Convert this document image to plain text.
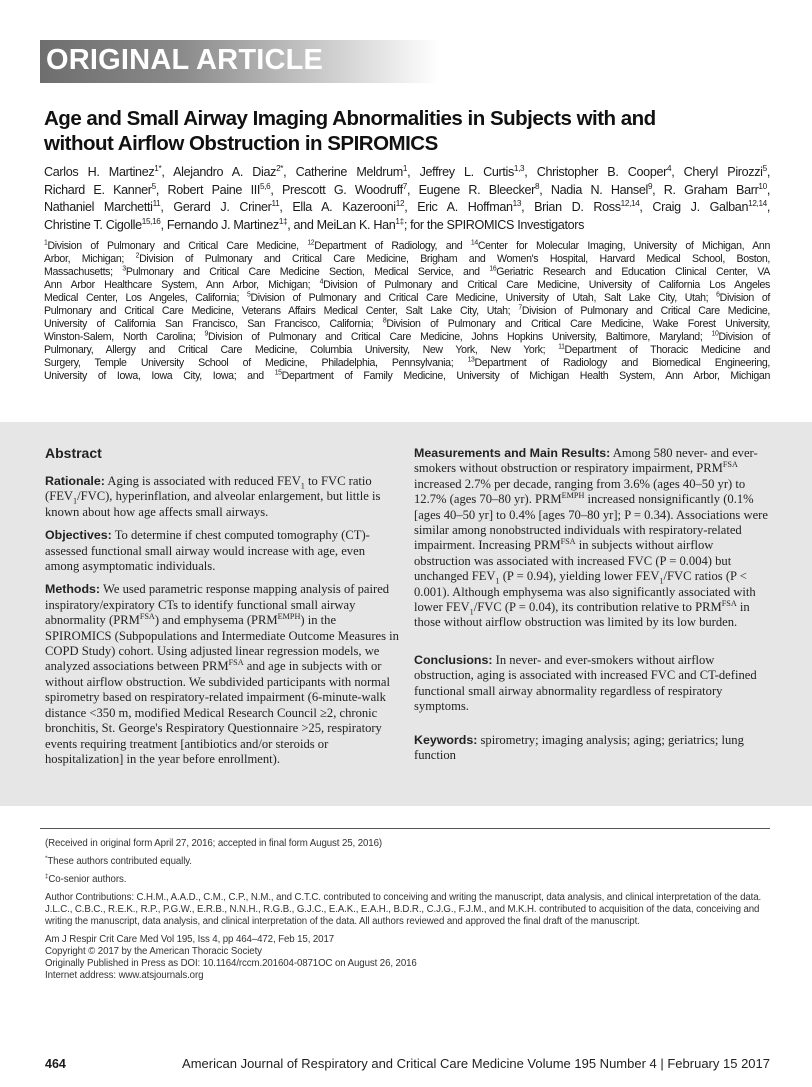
ORIGINAL ARTICLE
Age and Small Airway Imaging Abnormalities in Subjects with and
without Airflow Obstruction in SPIROMICS
Carlos H. Martinez$^{1*}$, Alejandro A. Diaz$^{2*}$, Catherine Meldrum$^1$, Jeffrey L. Curtis$^{1,3}$, Christopher B. Cooper$^4$, Cheryl Pirozzi$^5$,
Richard E. Kanner$^5$, Robert Paine III$^{5,6}$, Prescott G. Woodruff$^7$, Eugene R. Bleecker$^8$, Nadia N. Hansel$^9$, R. Graham Barr$^{10}$,
Nathaniel Marchetti$^{11}$, Gerard J. Criner$^{11}$, Ella A. Kazerooni$^{12}$, Eric A. Hoffman$^{13}$, Brian D. Ross$^{12,14}$, Craig J. Galban$^{12,14}$,
Christine T. Cigolle$^{15,16}$, Fernando J. Martinez$^{1\ddagger}$, and MeiLan K. Han$^{1\ddagger}$; for the SPIROMICS Investigators
$^1$Division of Pulmonary and Critical Care Medicine, $^{12}$Department of Radiology, and $^{14}$Center for Molecular Imaging, University of Michigan, Ann
Arbor, Michigan; $^2$Division of Pulmonary and Critical Care Medicine, Brigham and Women's Hospital, Harvard Medical School, Boston,
Massachusetts; $^3$Pulmonary and Critical Care Medicine Section, Medical Service, and $^{16}$Geriatric Research and Education Clinical Center, VA
Ann Arbor Healthcare System, Ann Arbor, Michigan; $^4$Division of Pulmonary and Critical Care Medicine, University of California Los Angeles
Medical Center, Los Angeles, California; $^5$Division of Pulmonary and Critical Care Medicine, University of Utah, Salt Lake City, Utah; $^6$Division of
Pulmonary and Critical Care Medicine, Veterans Affairs Medical Center, Salt Lake City, Utah; $^7$Division of Pulmonary and Critical Care Medicine,
University of California San Francisco, San Francisco, California; $^8$Division of Pulmonary and Critical Care Medicine, Wake Forest University,
Winston-Salem, North Carolina; $^9$Division of Pulmonary and Critical Care Medicine, Johns Hopkins University, Baltimore, Maryland; $^{10}$Division of
Pulmonary, Allergy and Critical Care Medicine, Columbia University, New York, New York; $^{11}$Department of Thoracic Medicine and
Surgery, Temple University School of Medicine, Philadelphia, Pennsylvania; $^{13}$Department of Radiology and Biomedical Engineering,
University of Iowa, Iowa City, Iowa; and $^{15}$Department of Family Medicine, University of Michigan Health System, Ann Arbor, Michigan
Abstract

Rationale: Aging is associated with reduced $FEV_1$ to FVC ratio $(FEV_1/FVC)$, hyperinflation, and alveolar enlargement, but little is known about how age affects small airways.

Objectives: To determine if chest computed tomography (CT)-assessed functional small airway would increase with age, even among asymptomatic individuals.

Methods: We used parametric response mapping analysis of paired inspiratory/expiratory CTs to identify functional small airway abnormality $(PRM^{FSA})$ and emphysema $(PRM^{EMPH})$ in the SPIROMICS (Subpopulations and Intermediate Outcome Measures in COPD Study) cohort. Using adjusted linear regression models, we analyzed associations between $PRM^{FSA}$ and age in subjects with or without airflow obstruction. We subdivided participants with normal spirometry based on respiratory-related impairment (6-minute-walk distance <350 m, modified Medical Research Council ≥2, chronic bronchitis, St. George's Respiratory Questionnaire >25, respiratory events requiring treatment [antibiotics and/or steroids or hospitalization] in the year before enrollment).

Measurements and Main Results: Among 580 never- and ever-smokers without obstruction or respiratory impairment, $PRM^{FSA}$ increased 2.7% per decade, ranging from 3.6% (ages 40–50 yr) to 12.7% (ages 70–80 yr). $PRM^{EMPH}$ increased nonsignificantly (0.1% [ages 40–50 yr] to 0.4% [ages 70–80 yr]; P = 0.34). Associations were similar among nonobstructed individuals with respiratory-related impairment. Increasing $PRM^{FSA}$ in subjects without airflow obstruction was associated with increased FVC (P = 0.004) but unchanged $FEV_1$ (P = 0.94), yielding lower $FEV_1$/FVC ratios (P < 0.001). Although emphysema was also significantly associated with lower $FEV_1$/FVC (P = 0.04), its contribution relative to $PRM^{FSA}$ in those without airflow obstruction was limited by its low burden.

Conclusions: In never- and ever-smokers without airflow obstruction, aging is associated with increased FVC and CT-defined functional small airway abnormality regardless of respiratory symptoms.

Keywords: spirometry; imaging analysis; aging; geriatrics; lung function

(Received in original form April 27, 2016; accepted in final form August 25, 2016)

*These authors contributed equally.

‡Co-senior authors.

Author Contributions: C.H.M., A.A.D., C.M., C.P., N.M., and C.T.C. contributed to conceiving and writing the manuscript, data analysis, and clinical interpretation of the data. J.L.C., C.B.C., R.E.K., R.P., P.G.W., E.R.B., N.N.H., R.G.B., G.J.C., E.A.K., E.A.H., B.D.R., C.J.G., F.J.M., and M.K.H. contributed to acquisition of the data, conceiving and writing the manuscript, data analysis, and clinical interpretation of the data. All authors reviewed and approved the final draft of the manuscript.

Am J Respir Crit Care Med Vol 195, Iss 4, pp 464–472, Feb 15, 2017
Copyright © 2017 by the American Thoracic Society
Originally Published in Press as DOI: 10.1164/rccm.201604-0871OC on August 26, 2016
Internet address: www.atsjournals.org
464	American Journal of Respiratory and Critical Care Medicine Volume 195 Number 4 | February 15 2017
